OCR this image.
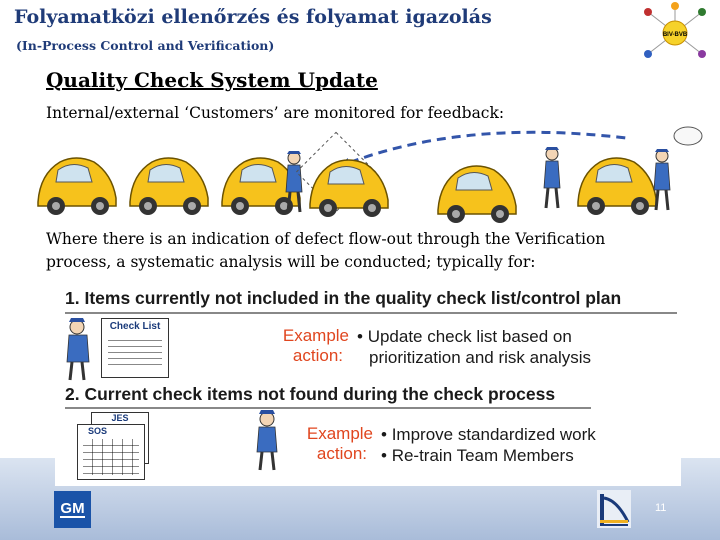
Folyamatközi ellenőrzés és folyamat igazolás
(In-Process Control and Verification)
BIV-BVB
Quality Check System Update
Internal/external ‘Customers’ are monitored for feedback:
Where there is an indication of defect flow-out through the Verification process, a systematic analysis will be conducted; typically for:
1. Items currently not included in the quality check list/control plan
Check List	Example
action:
• Update check list based on
prioritization and risk analysis
2. Current check items not found during the check process
JES
SOS	Example
action:
• Improve standardized work
• Re-train Team Members
GM	11
